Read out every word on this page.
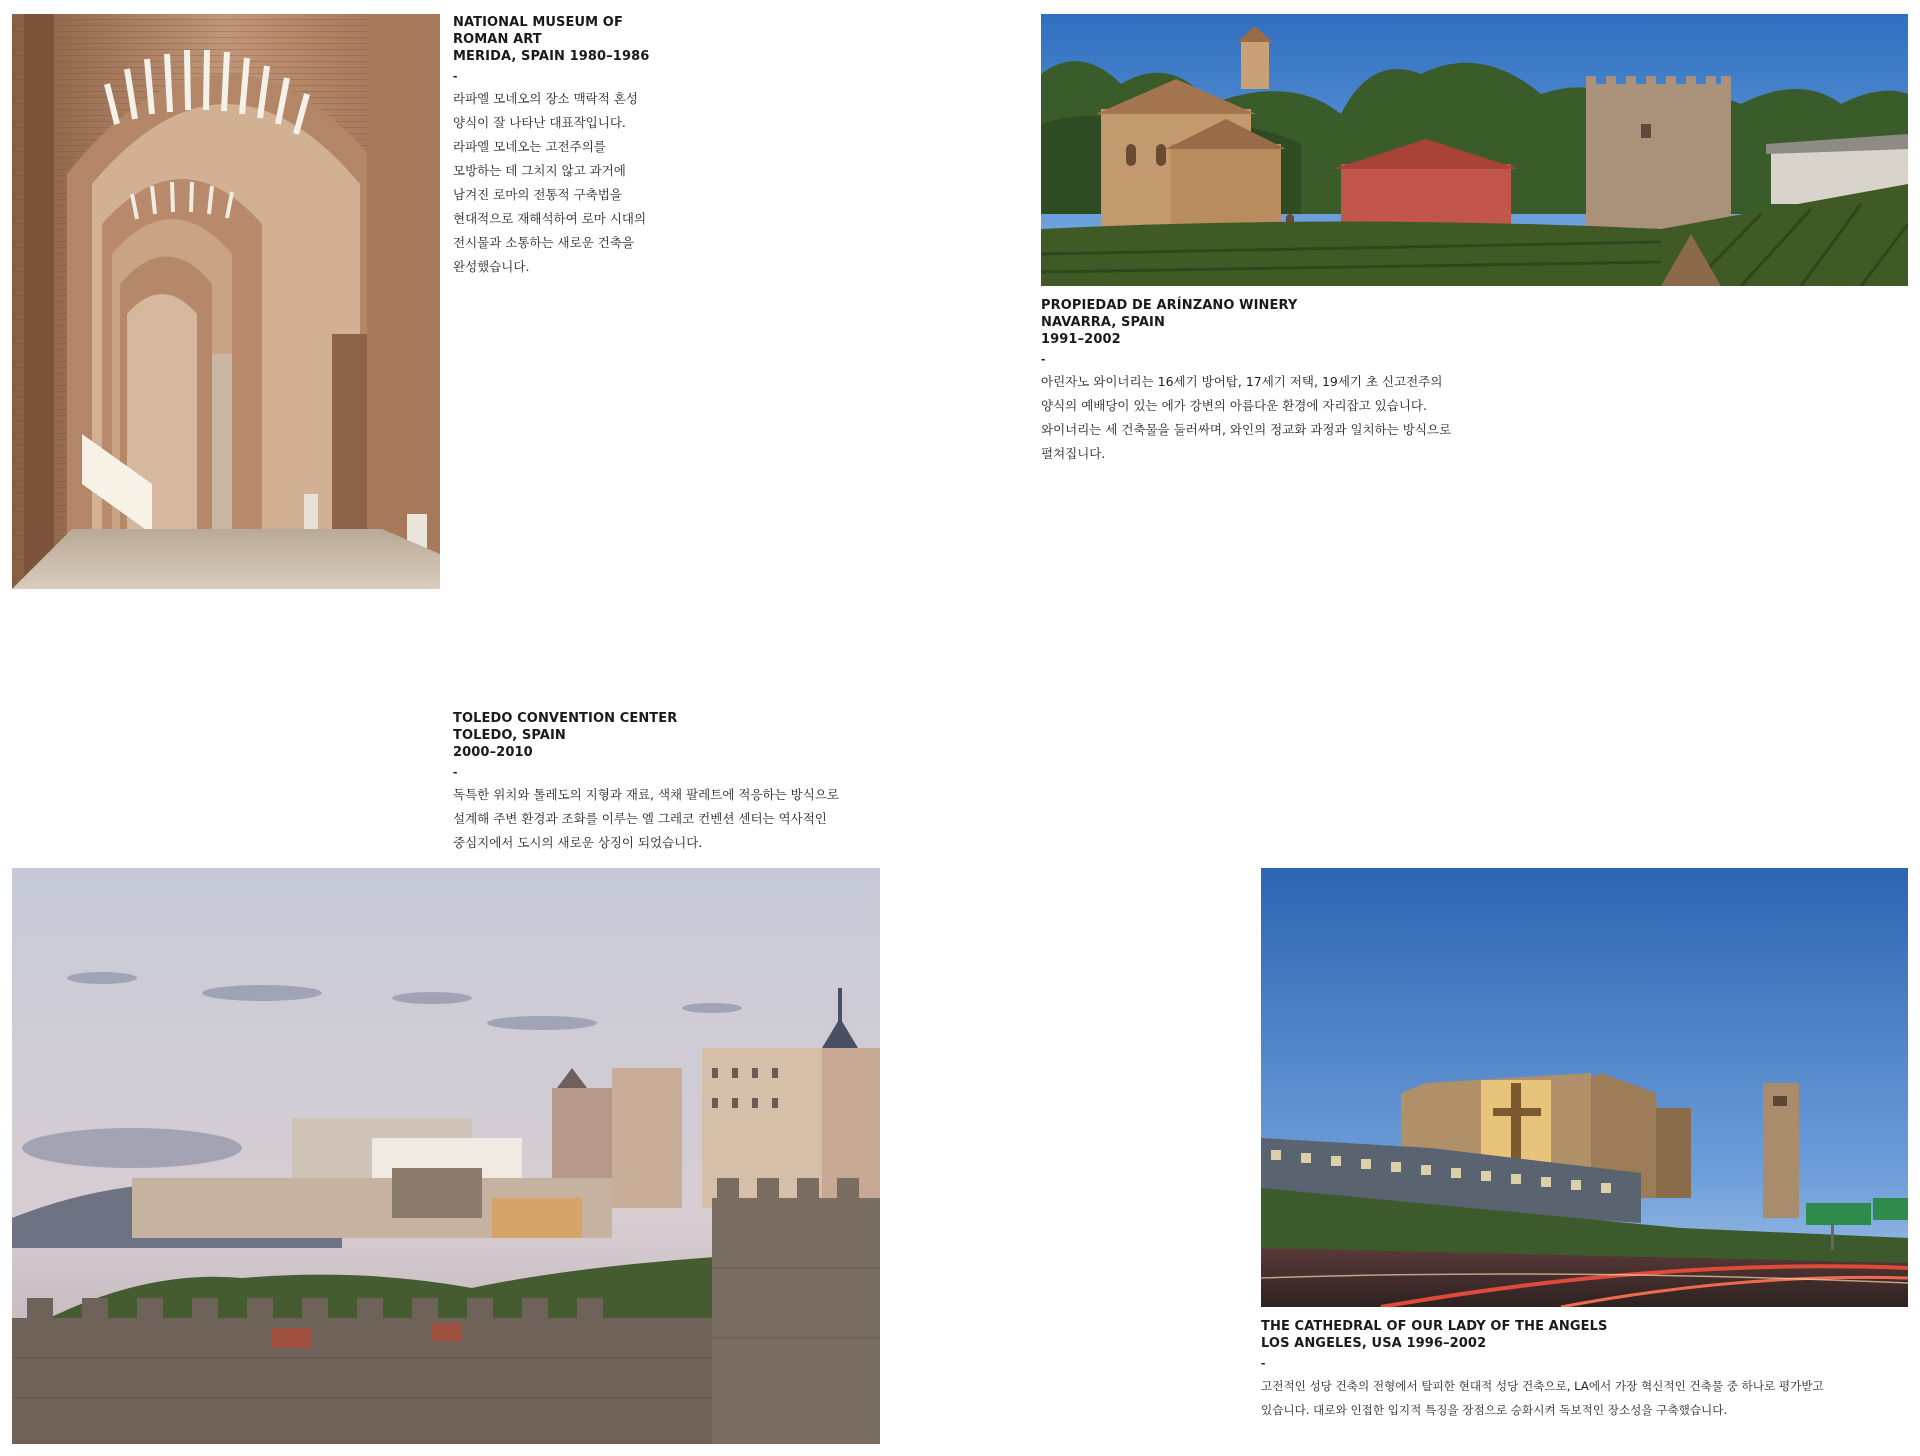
NATIONAL MUSEUM OF
ROMAN ART
MERIDA, SPAIN 1980–1986
-
라파엘 모네오의 장소 맥락적 혼성
양식이 잘 나타난 대표작입니다.
라파엘 모네오는 고전주의를
모방하는 데 그치지 않고 과거에
남겨진 로마의 전통적 구축법을
현대적으로 재해석하여 로마 시대의
전시물과 소통하는 새로운 건축을
완성했습니다.
PROPIEDAD DE ARÍNZANO WINERY
NAVARRA, SPAIN
1991–2002
-
아린자노 와이너리는 16세기 방어탑, 17세기 저택, 19세기 초 신고전주의
양식의 예배당이 있는 에가 강변의 아름다운 환경에 자리잡고 있습니다.
와이너리는 세 건축물을 둘러싸며, 와인의 정교화 과정과 일치하는 방식으로
펼쳐집니다.
TOLEDO CONVENTION CENTER
TOLEDO, SPAIN
2000–2010
-
독특한 위치와 톨레도의 지형과 재료, 색채 팔레트에 적응하는 방식으로
설계해 주변 환경과 조화를 이루는 엘 그레코 컨벤션 센터는 역사적인
중심지에서 도시의 새로운 상징이 되었습니다.
THE CATHEDRAL OF OUR LADY OF THE ANGELS
LOS ANGELES, USA 1996–2002
-
고전적인 성당 건축의 전형에서 탈피한 현대적 성당 건축으로, LA에서 가장 혁신적인 건축물 중 하나로 평가받고
있습니다. 대로와 인접한 입지적 특징을 장점으로 승화시켜 독보적인 장소성을 구축했습니다.
